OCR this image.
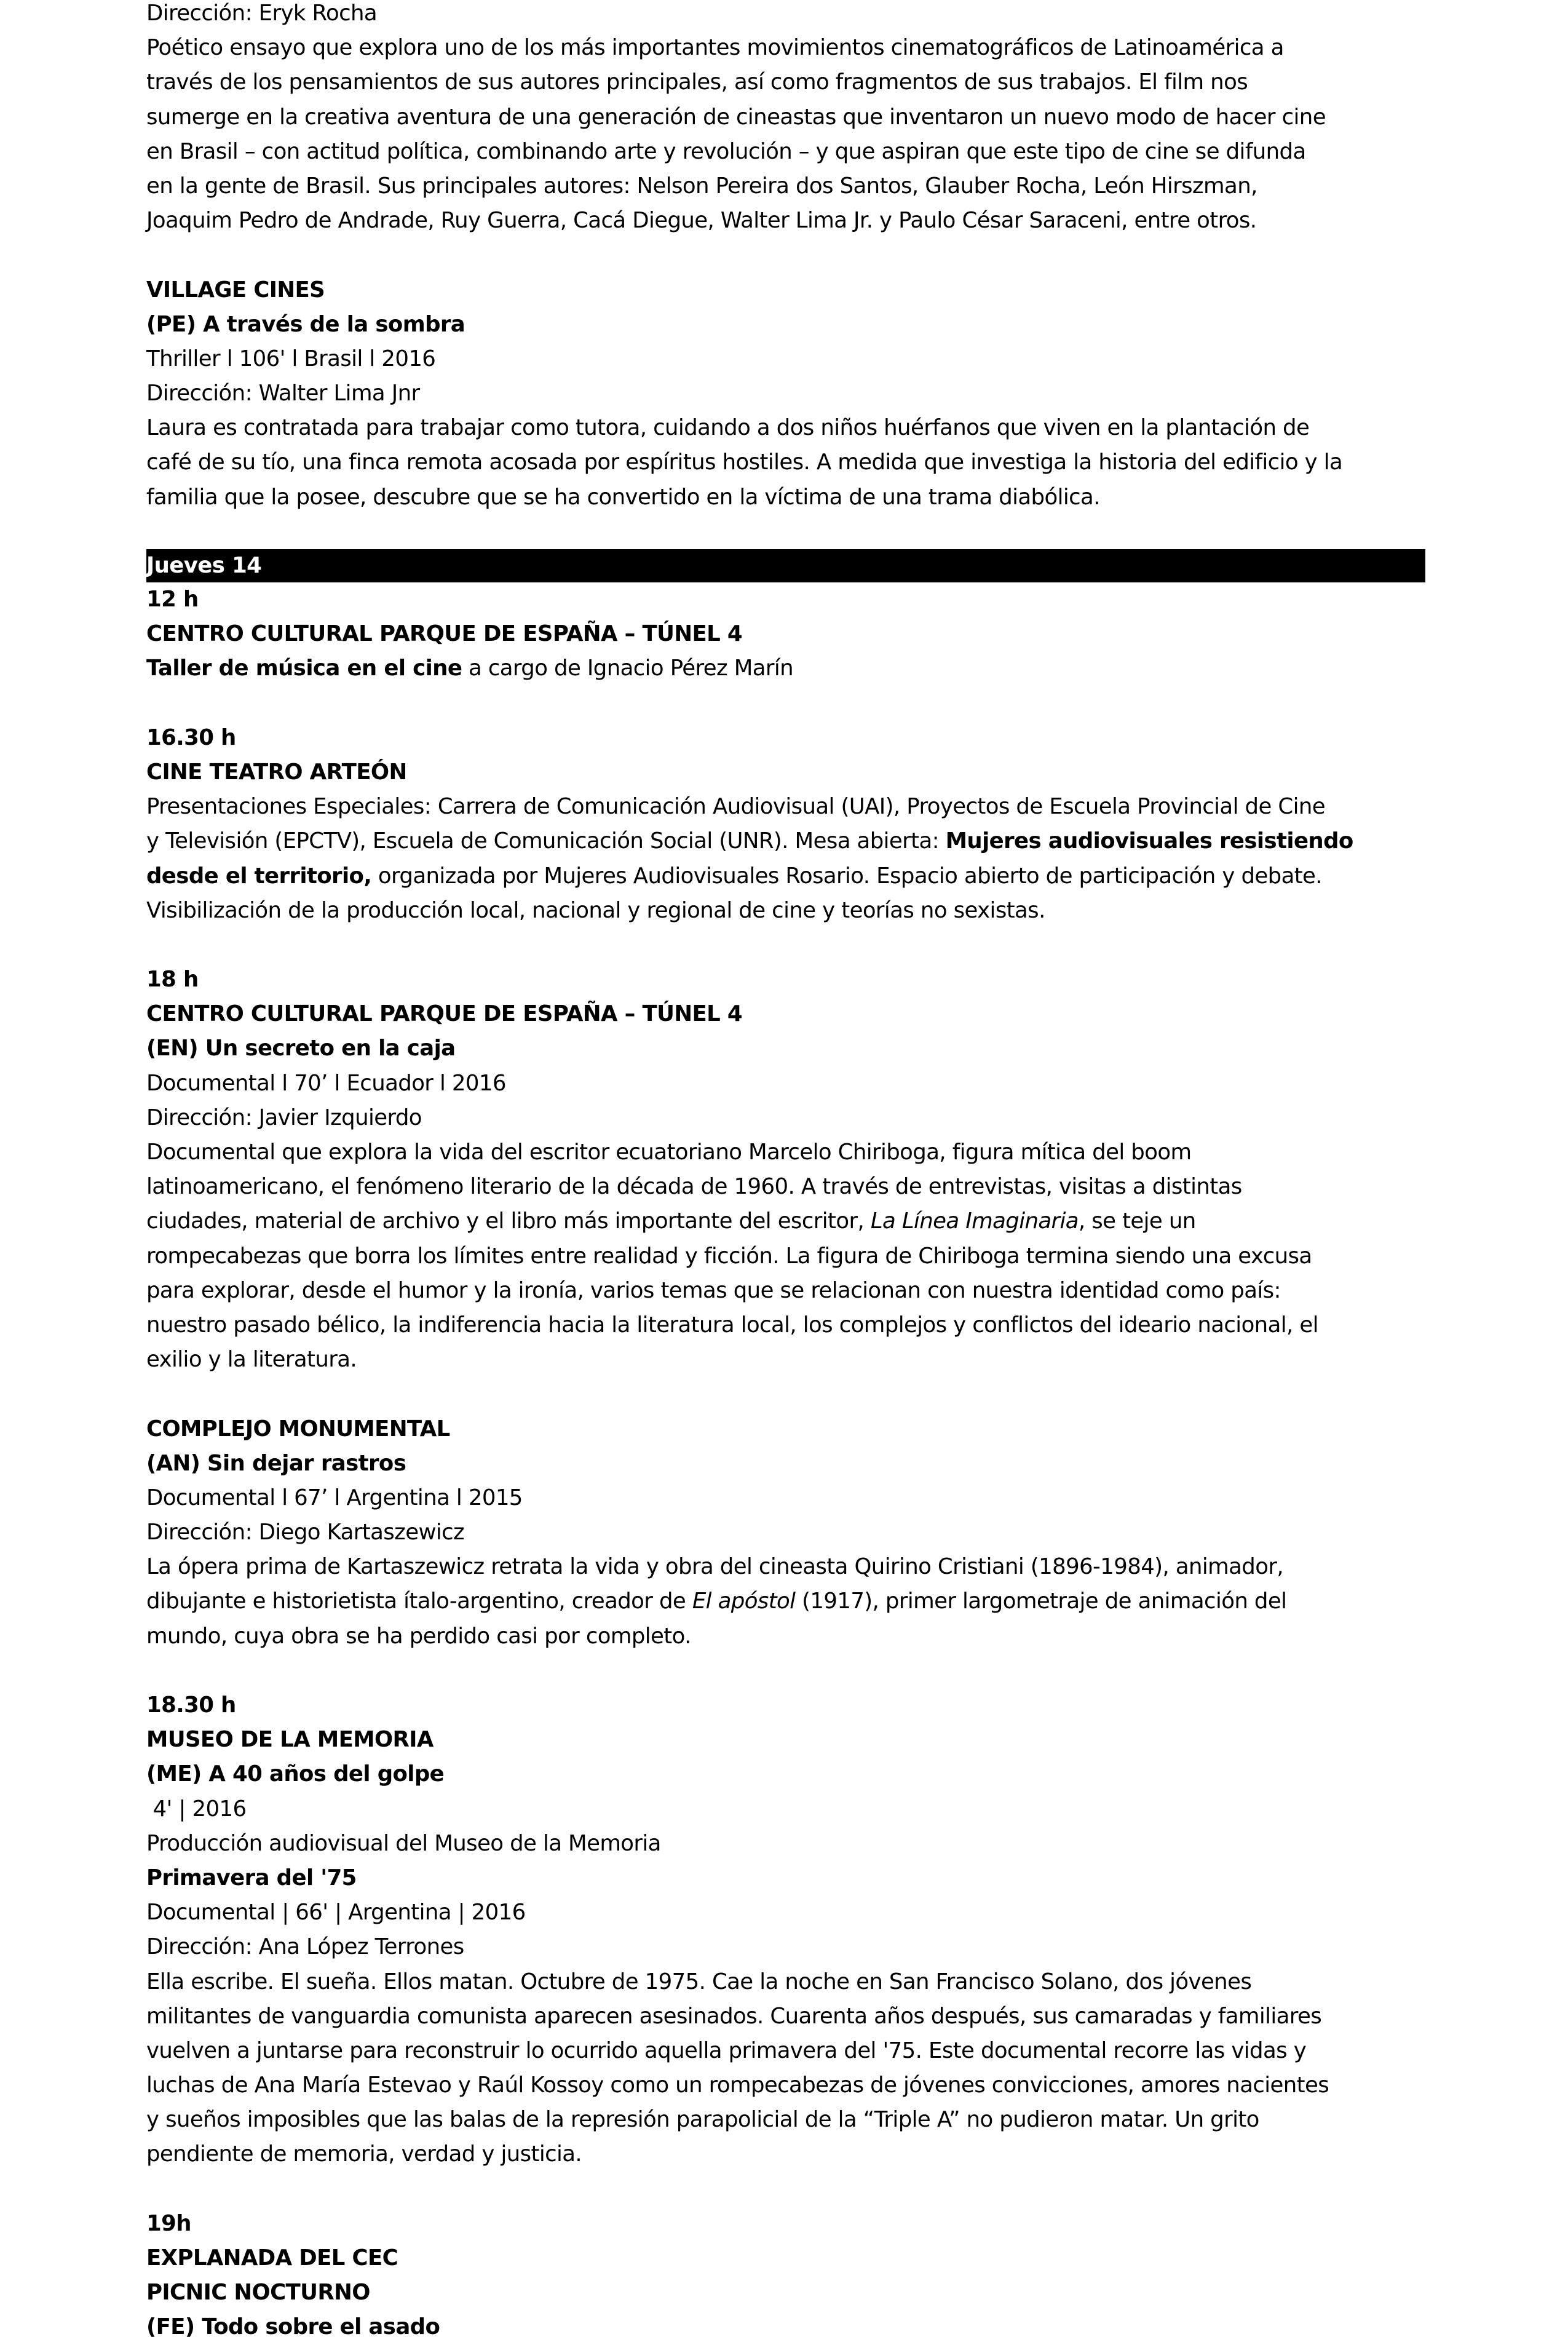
Dirección: Eryk Rocha
Poético ensayo que explora uno de los más importantes movimientos cinematográficos de Latinoamérica a
través de los pensamientos de sus autores principales, así como fragmentos de sus trabajos. El film nos
sumerge en la creativa aventura de una generación de cineastas que inventaron un nuevo modo de hacer cine
en Brasil – con actitud política, combinando arte y revolución – y que aspiran que este tipo de cine se difunda
en la gente de Brasil. Sus principales autores: Nelson Pereira dos Santos, Glauber Rocha, León Hirszman,
Joaquim Pedro de Andrade, Ruy Guerra, Cacá Diegue, Walter Lima Jr. y Paulo César Saraceni, entre otros.
VILLAGE CINES
(PE) A través de la sombra
Thriller l 106' l Brasil l 2016
Dirección: Walter Lima Jnr
Laura es contratada para trabajar como tutora, cuidando a dos niños huérfanos que viven en la plantación de
café de su tío, una finca remota acosada por espíritus hostiles. A medida que investiga la historia del edificio y la
familia que la posee, descubre que se ha convertido en la víctima de una trama diabólica.
Jueves 14
12 h
CENTRO CULTURAL PARQUE DE ESPAÑA – TÚNEL 4
Taller de música en el cine a cargo de Ignacio Pérez Marín
16.30 h
CINE TEATRO ARTEÓN
Presentaciones Especiales: Carrera de Comunicación Audiovisual (UAI), Proyectos de Escuela Provincial de Cine
y Televisión (EPCTV), Escuela de Comunicación Social (UNR). Mesa abierta: Mujeres audiovisuales resistiendo
desde el territorio, organizada por Mujeres Audiovisuales Rosario. Espacio abierto de participación y debate.
Visibilización de la producción local, nacional y regional de cine y teorías no sexistas.
18 h
CENTRO CULTURAL PARQUE DE ESPAÑA – TÚNEL 4
(EN) Un secreto en la caja
Documental l 70’ l Ecuador l 2016
Dirección: Javier Izquierdo
Documental que explora la vida del escritor ecuatoriano Marcelo Chiriboga, figura mítica del boom
latinoamericano, el fenómeno literario de la década de 1960. A través de entrevistas, visitas a distintas
ciudades, material de archivo y el libro más importante del escritor, La Línea Imaginaria, se teje un
rompecabezas que borra los límites entre realidad y ficción. La figura de Chiriboga termina siendo una excusa
para explorar, desde el humor y la ironía, varios temas que se relacionan con nuestra identidad como país:
nuestro pasado bélico, la indiferencia hacia la literatura local, los complejos y conflictos del ideario nacional, el
exilio y la literatura.
COMPLEJO MONUMENTAL
(AN) Sin dejar rastros
Documental l 67’ l Argentina l 2015
Dirección: Diego Kartaszewicz
La ópera prima de Kartaszewicz retrata la vida y obra del cineasta Quirino Cristiani (1896-1984), animador,
dibujante e historietista ítalo-argentino, creador de El apóstol (1917), primer largometraje de animación del
mundo, cuya obra se ha perdido casi por completo.
18.30 h
MUSEO DE LA MEMORIA
(ME) A 40 años del golpe
4' | 2016
Producción audiovisual del Museo de la Memoria
Primavera del '75
Documental | 66' | Argentina | 2016
Dirección: Ana López Terrones
Ella escribe. El sueña. Ellos matan. Octubre de 1975. Cae la noche en San Francisco Solano, dos jóvenes
militantes de vanguardia comunista aparecen asesinados. Cuarenta años después, sus camaradas y familiares
vuelven a juntarse para reconstruir lo ocurrido aquella primavera del '75. Este documental recorre las vidas y
luchas de Ana María Estevao y Raúl Kossoy como un rompecabezas de jóvenes convicciones, amores nacientes
y sueños imposibles que las balas de la represión parapolicial de la “Triple A” no pudieron matar. Un grito
pendiente de memoria, verdad y justicia.
19h
EXPLANADA DEL CEC
PICNIC NOCTURNO
(FE) Todo sobre el asado
